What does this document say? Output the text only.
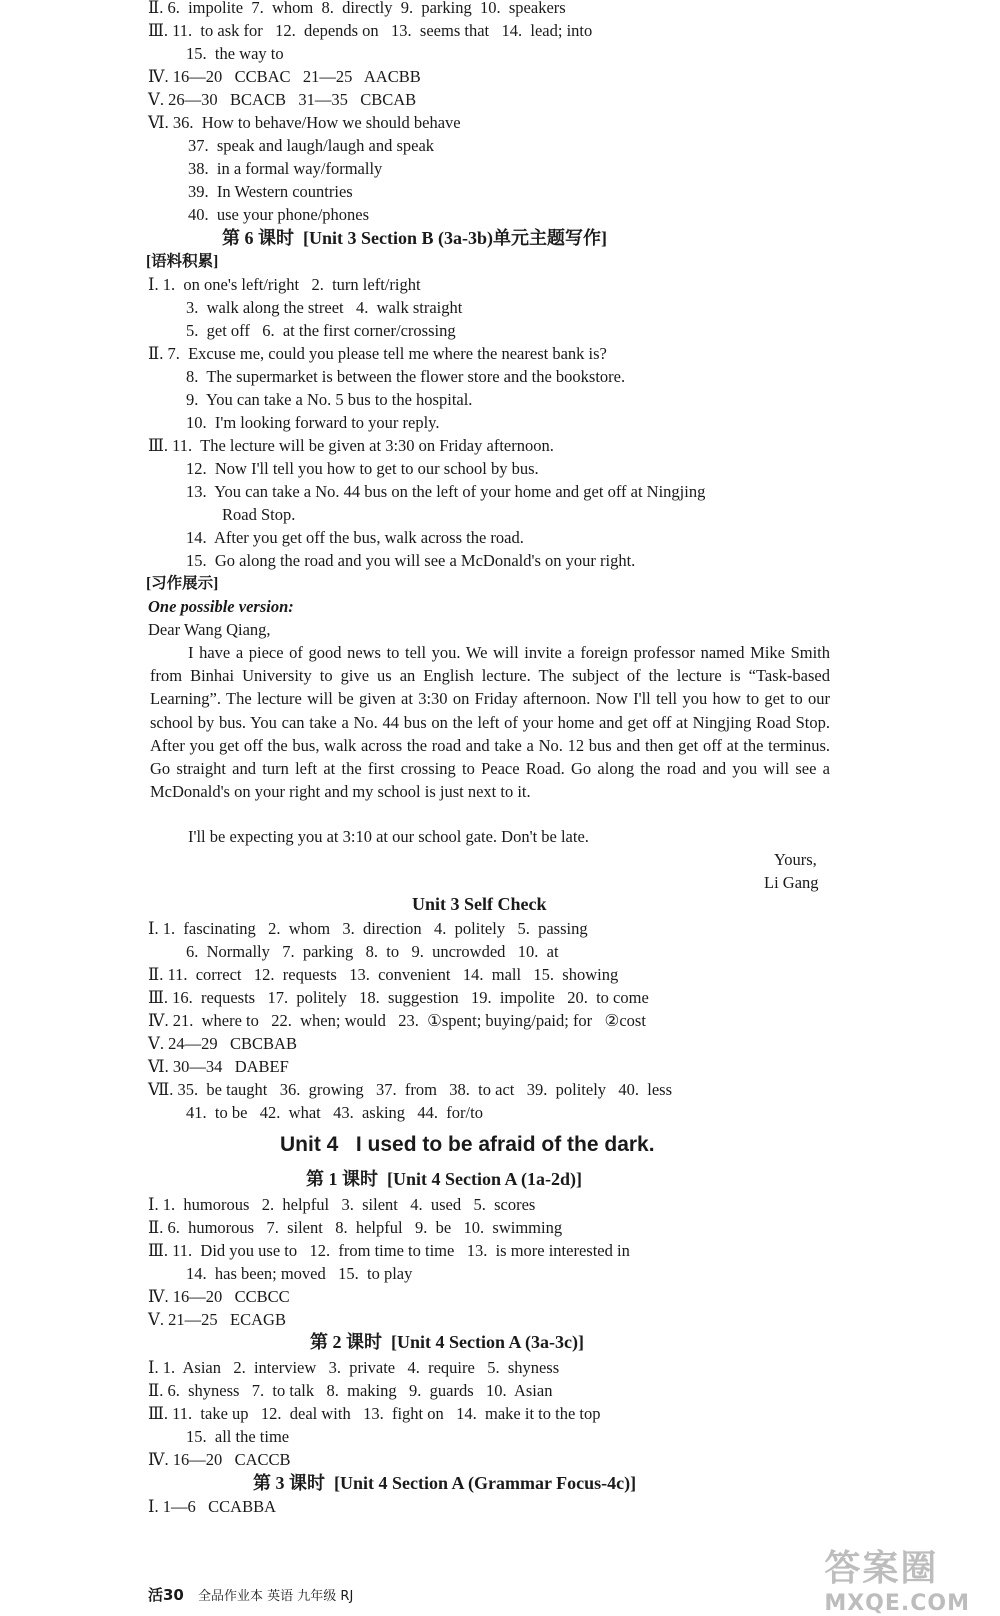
Ⅱ. 6.  impolite  7.  whom  8.  directly  9.  parking  10.  speakers
Ⅲ. 11.  to ask for   12.  depends on   13.  seems that   14.  lead; into
15.  the way to
Ⅳ. 16—20   CCBAC   21—25   AACBB
Ⅴ. 26—30   BCACB   31—35   CBCAB
Ⅵ. 36.  How to behave/How we should behave
37.  speak and laugh/laugh and speak
38.  in a formal way/formally
39.  In Western countries
40.  use your phone/phones
第 6 课时  [Unit 3 Section B (3a-3b)单元主题写作]
[语料积累]
Ⅰ. 1.  on one's left/right   2.  turn left/right
3.  walk along the street   4.  walk straight
5.  get off   6.  at the first corner/crossing
Ⅱ. 7.  Excuse me, could you please tell me where the nearest bank is?
8.  The supermarket is between the flower store and the bookstore.
9.  You can take a No. 5 bus to the hospital.
10.  I'm looking forward to your reply.
Ⅲ. 11.  The lecture will be given at 3:30 on Friday afternoon.
12.  Now I'll tell you how to get to our school by bus.
13.  You can take a No. 44 bus on the left of your home and get off at Ningjing
Road Stop.
14.  After you get off the bus, walk across the road.
15.  Go along the road and you will see a McDonald's on your right.
[习作展示]
One possible version:
Dear Wang Qiang,
I have a piece of good news to tell you. We will invite a foreign professor named Mike Smith from Binhai University to give us an English lecture. The subject of the lecture is “Task-based Learning”. The lecture will be given at 3:30 on Friday afternoon. Now I'll tell you how to get to our school by bus. You can take a No. 44 bus on the left of your home and get off at Ningjing Road Stop. After you get off the bus, walk across the road and take a No. 12 bus and then get off at the terminus. Go straight and turn left at the first crossing to Peace Road. Go along the road and you will see a McDonald's on your right and my school is just next to it.
I'll be expecting you at 3:10 at our school gate. Don't be late.
Yours,
Li Gang
Unit 3 Self Check
Ⅰ. 1.  fascinating   2.  whom   3.  direction   4.  politely   5.  passing
6.  Normally   7.  parking   8.  to   9.  uncrowded   10.  at
Ⅱ. 11.  correct   12.  requests   13.  convenient   14.  mall   15.  showing
Ⅲ. 16.  requests   17.  politely   18.  suggestion   19.  impolite   20.  to come
Ⅳ. 21.  where to   22.  when; would   23.  ①spent; buying/paid; for   ②cost
Ⅴ. 24—29   CBCBAB
Ⅵ. 30—34   DABEF
Ⅶ. 35.  be taught   36.  growing   37.  from   38.  to act   39.  politely   40.  less
41.  to be   42.  what   43.  asking   44.  for/to
Unit 4   I used to be afraid of the dark.
第 1 课时  [Unit 4 Section A (1a-2d)]
Ⅰ. 1.  humorous   2.  helpful   3.  silent   4.  used   5.  scores
Ⅱ. 6.  humorous   7.  silent   8.  helpful   9.  be   10.  swimming
Ⅲ. 11.  Did you use to   12.  from time to time   13.  is more interested in
14.  has been; moved   15.  to play
Ⅳ. 16—20   CCBCC
Ⅴ. 21—25   ECAGB
第 2 课时  [Unit 4 Section A (3a-3c)]
Ⅰ. 1.  Asian   2.  interview   3.  private   4.  require   5.  shyness
Ⅱ. 6.  shyness   7.  to talk   8.  making   9.  guards   10.  Asian
Ⅲ. 11.  take up   12.  deal with   13.  fight on   14.  make it to the top
15.  all the time
Ⅳ. 16—20   CACCB
第 3 课时  [Unit 4 Section A (Grammar Focus-4c)]
Ⅰ. 1—6   CCABBA
活30 全品作业本 英语 九年级 RJ
答案圈
MXQE.COM
